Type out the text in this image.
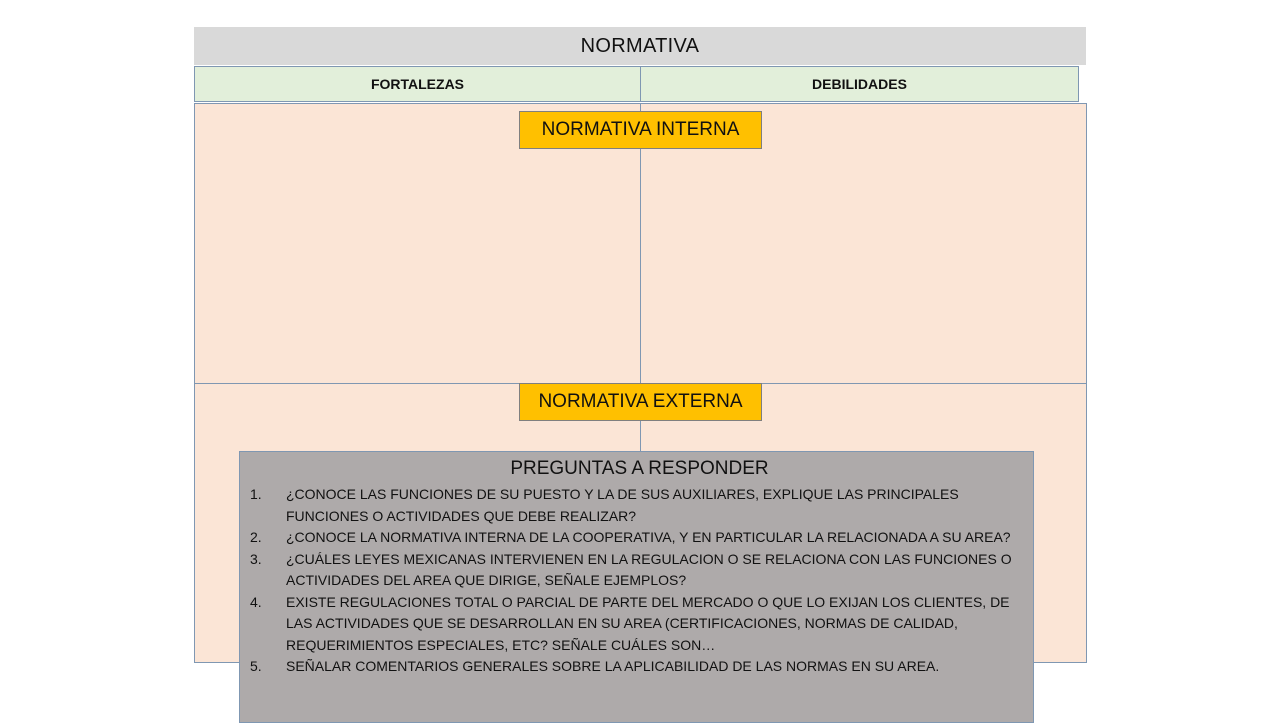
NORMATIVA
FORTALEZAS	DEBILIDADES
NORMATIVA INTERNA
NORMATIVA EXTERNA
PREGUNTAS A RESPONDER
1.	¿CONOCE LAS FUNCIONES DE SU PUESTO Y LA DE SUS AUXILIARES, EXPLIQUE LAS PRINCIPALES FUNCIONES O ACTIVIDADES QUE DEBE REALIZAR?
2.	¿CONOCE LA NORMATIVA INTERNA DE LA COOPERATIVA, Y EN PARTICULAR LA RELACIONADA A SU AREA?
3.	¿CUÁLES LEYES MEXICANAS INTERVIENEN EN LA REGULACION O SE RELACIONA CON LAS FUNCIONES O ACTIVIDADES DEL AREA QUE DIRIGE, SEÑALE EJEMPLOS?
4.	EXISTE REGULACIONES TOTAL O PARCIAL DE PARTE DEL MERCADO O QUE LO EXIJAN LOS CLIENTES, DE LAS ACTIVIDADES QUE SE DESARROLLAN EN SU AREA (CERTIFICACIONES, NORMAS DE CALIDAD, REQUERIMIENTOS ESPECIALES, ETC? SEÑALE CUÁLES SON…
5.	SEÑALAR COMENTARIOS GENERALES SOBRE LA APLICABILIDAD DE LAS NORMAS EN SU AREA.
